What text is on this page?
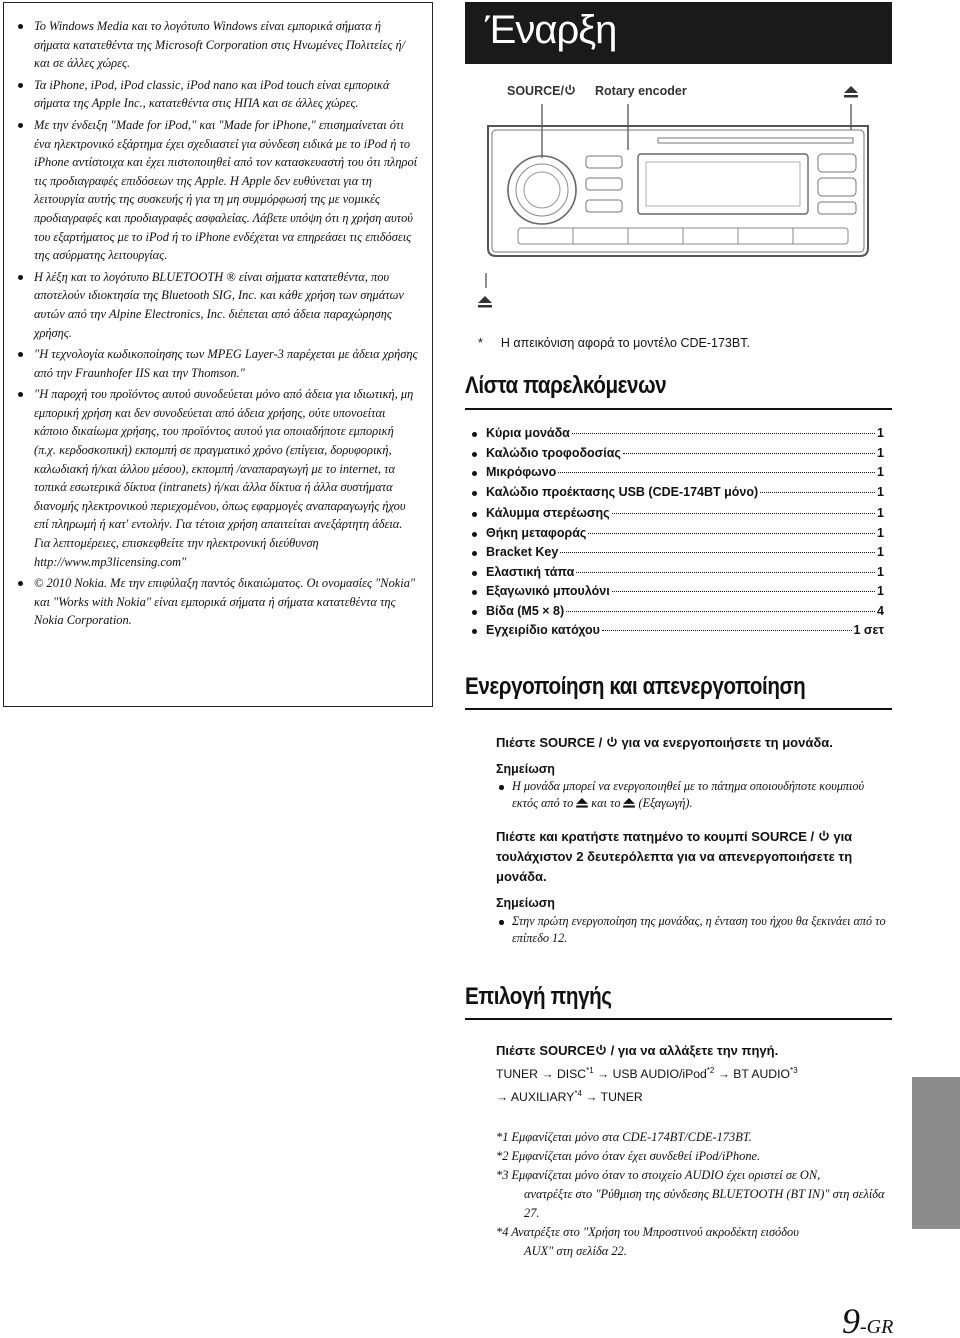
Το Windows Media και το λογότυπο Windows είναι εμπορικά σήματα ή σήματα κατατεθέντα της Microsoft Corporation στις Ηνωμένες Πολιτείες ή/και σε άλλες χώρες.
Τα iPhone, iPod, iPod classic, iPod nano και iPod touch είναι εμπορικά σήματα της Apple Inc., κατατεθέντα στις ΗΠΑ και σε άλλες χώρες.
Με την ένδειξη "Made for iPod," και "Made for iPhone," επισημαίνεται ότι ένα ηλεκτρονικό εξάρτημα έχει σχεδιαστεί για σύνδεση ειδικά με το iPod ή το iPhone αντίστοιχα και έχει πιστοποιηθεί από τον κατασκευαστή του ότι πληροί τις προδιαγραφές επιδόσεων της Apple. Η Apple δεν ευθύνεται για τη λειτουργία αυτής της συσκευής ή για τη μη συμμόρφωσή της με νομικές προδιαγραφές και προδιαγραφές ασφαλείας. Λάβετε υπόψη ότι η χρήση αυτού του εξαρτήματος με το iPod ή το iPhone ενδέχεται να επηρεάσει τις επιδόσεις της ασύρματης λειτουργίας.
Η λέξη και το λογότυπο BLUETOOTH ® είναι σήματα κατατεθέντα, που αποτελούν ιδιοκτησία της Bluetooth SIG, Inc. και κάθε χρήση των σημάτων αυτών από την Alpine Electronics, Inc. διέπεται από άδεια παραχώρησης χρήσης.
"Η τεχνολογία κωδικοποίησης των MPEG Layer-3 παρέχεται με άδεια χρήσης από την Fraunhofer IIS και την Thomson."
"Η παροχή του προϊόντος αυτού συνοδεύεται μόνο από άδεια για ιδιωτική, μη εμπορική χρήση και δεν συνοδεύεται από άδεια χρήσης, ούτε υπονοείται κάποιο δικαίωμα χρήσης, του προϊόντος αυτού για οποιαδήποτε εμπορική (π.χ. κερδοσκοπική) εκπομπή σε πραγματικό χρόνο (επίγεια, δορυφορική, καλωδιακή ή/και άλλου μέσου), εκπομπή /αναπαραγωγή με το internet, τα τοπικά εσωτερικά δίκτυα (intranets) ή/και άλλα δίκτυα ή άλλα συστήματα διανομής ηλεκτρονικού περιεχομένου, όπως εφαρμογές αναπαραγωγής ήχου επί πληρωμή ή κατ' εντολήν. Για τέτοια χρήση απαιτείται ανεξάρτητη άδεια. Για λεπτομέρειες, επισκεφθείτε την ηλεκτρονική διεύθυνση http://www.mp3licensing.com"
© 2010 Nokia. Με την επιφύλαξη παντός δικαιώματος. Οι ονομασίες "Nokia" και "Works with Nokia" είναι εμπορικά σήματα ή σήματα κατατεθέντα της Nokia Corporation.
Έναρξη
SOURCE/	Rotary encoder
* Η απεικόνιση αφορά το μοντέλο CDE-173BT.
Λίστα παρελκόμενων
Κύρια μονάδα	1
Καλώδιο τροφοδοσίας	1
Μικρόφωνο	1
Καλώδιο προέκτασης USB (CDE-174BT μόνο)	1
Κάλυμμα στερέωσης	1
Θήκη μεταφοράς	1
Bracket Key	1
Ελαστική τάπα	1
Εξαγωνικό μπουλόνι	1
Βίδα (M5 × 8)	4
Εγχειρίδιο κατόχου	1 σετ
Ενεργοποίηση και απενεργοποίηση
Πιέστε SOURCE / για να ενεργοποιήσετε τη μονάδα.
Σημείωση
Η μονάδα μπορεί να ενεργοποιηθεί με το πάτημα οποιουδήποτε κουμπιού εκτός από το και το (Εξαγωγή).
Πιέστε και κρατήστε πατημένο το κουμπί SOURCE / για τουλάχιστον 2 δευτερόλεπτα για να απενεργοποιήσετε τη μονάδα.
Σημείωση
Στην πρώτη ενεργοποίηση της μονάδας, η ένταση του ήχου θα ξεκινάει από το επίπεδο 12.
Επιλογή πηγής
Πιέστε SOURCE / για να αλλάξετε την πηγή.
TUNER → $DISC^{*1}$ → USB AUDIO/iPod$^{*2}$ → BT $AUDIO^{*3}$
→ $AUXILIARY^{*4}$ → TUNER
*1 Εμφανίζεται μόνο στα CDE-174BT/CDE-173BT.
*2 Εμφανίζεται μόνο όταν έχει συνδεθεί iPod/iPhone.
*3 Εμφανίζεται μόνο όταν το στοιχείο AUDIO έχει οριστεί σε ON,
ανατρέξτε στο "Ρύθμιση της σύνδεσης BLUETOOTH (BT IN)" στη σελίδα 27.
*4 Ανατρέξτε στο "Χρήση του Μπροστινού ακροδέκτη εισόδου
AUX" στη σελίδα 22.
9-GR
